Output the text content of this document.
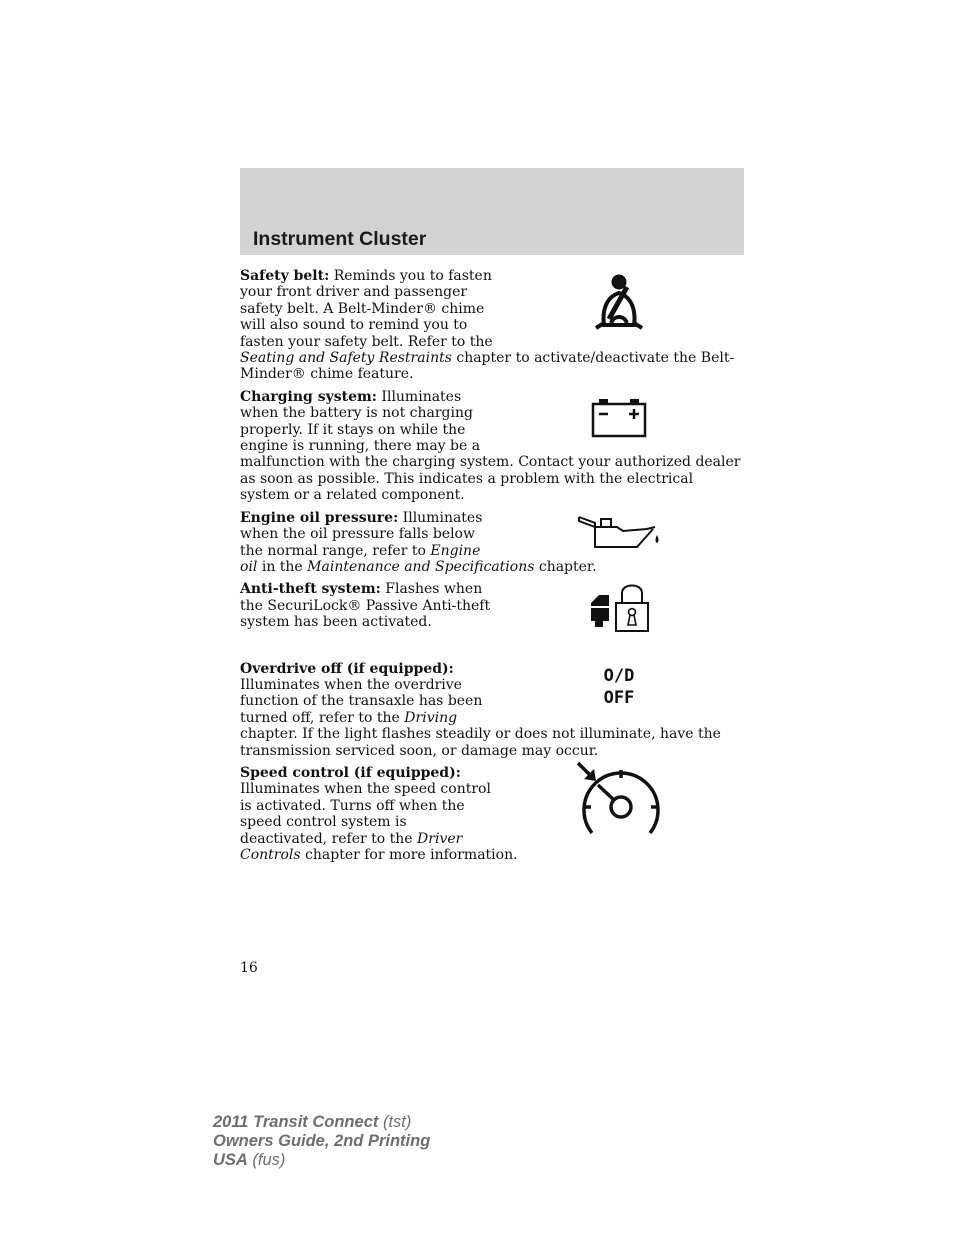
Instrument Cluster

Safety belt: Reminds you to fasten your front driver and passenger safety belt. A Belt-Minder® chime will also sound to remind you to fasten your safety belt. Refer to the Seating and Safety Restraints chapter to activate/deactivate the Belt-Minder® chime feature.

Charging system: Illuminates when the battery is not charging properly. If it stays on while the engine is running, there may be a malfunction with the charging system. Contact your authorized dealer as soon as possible. This indicates a problem with the electrical system or a related component.

Engine oil pressure: Illuminates when the oil pressure falls below the normal range, refer to Engine oil in the Maintenance and Specifications chapter.

Anti-theft system: Flashes when the SecuriLock® Passive Anti-theft system has been activated.

O/D
OFF

Overdrive off (if equipped):
Illuminates when the overdrive function of the transaxle has been turned off, refer to the Driving chapter. If the light flashes steadily or does not illuminate, have the transmission serviced soon, or damage may occur.

Speed control (if equipped):
Illuminates when the speed control is activated. Turns off when the speed control system is deactivated, refer to the Driver Controls chapter for more information.

16
2011 Transit Connect (tst)
Owners Guide, 2nd Printing
USA (fus)
